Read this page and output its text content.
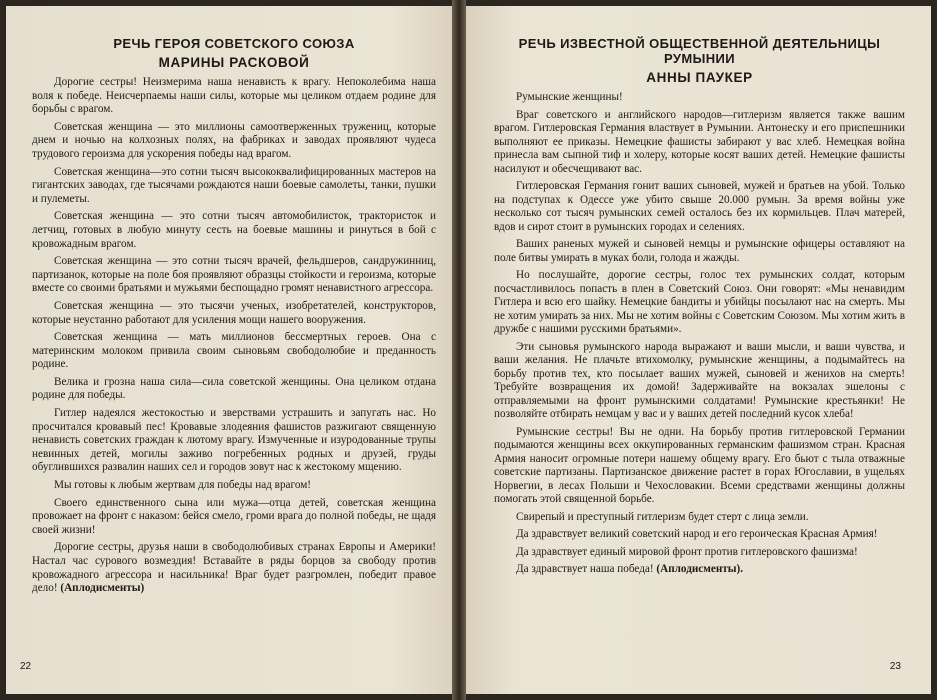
РЕЧЬ ГЕРОЯ СОВЕТСКОГО СОЮЗА
МАРИНЫ РАСКОВОЙ

Дорогие сестры! Неизмерима наша ненависть к врагу. Непоколебима наша воля к победе. Неисчерпаемы наши силы, которые мы целиком отдаем родине для борьбы с врагом.

Советская женщина — это миллионы самоотверженных тружениц, которые днем и ночью на колхозных полях, на фабриках и заводах проявляют чудеса трудового героизма для ускорения победы над врагом.

Советская женщина—это сотни тысяч высококвалифицированных мастеров на гигантских заводах, где тысячами рождаются наши боевые самолеты, танки, пушки и пулеметы.

Советская женщина — это сотни тысяч автомобилисток, трактористок и летчиц, готовых в любую минуту сесть на боевые машины и ринуться в бой с кровожадным врагом.

Советская женщина — это сотни тысяч врачей, фельдшеров, сандружинниц, партизанок, которые на поле боя проявляют образцы стойкости и героизма, которые вместе со своими братьями и мужьями беспощадно громят ненавистного агрессора.

Советская женщина — это тысячи ученых, изобретателей, конструкторов, которые неустанно работают для усиления мощи нашего вооружения.

Советская женщина — мать миллионов бессмертных героев. Она с материнским молоком привила своим сыновьям свободолюбие и преданность родине.

Велика и грозна наша сила—сила советской женщины. Она целиком отдана родине для победы.

Гитлер надеялся жестокостью и зверствами устрашить и запугать нас. Но просчитался кровавый пес! Кровавые злодеяния фашистов разжигают священную ненависть советских граждан к лютому врагу. Измученные и изуродованные трупы невинных детей, могилы заживо погребенных родных и друзей, груды обуглившихся развалин наших сел и городов зовут нас к жестокому мщению.

Мы готовы к любым жертвам для победы над врагом!

Своего единственного сына или мужа—отца детей, советская женщина провожает на фронт с наказом: бейся смело, громи врага до полной победы, не щадя своей жизни!

Дорогие сестры, друзья наши в свободолюбивых странах Европы и Америки! Настал час сурового возмездия! Вставайте в ряды борцов за свободу против кровожадного агрессора и насильника! Враг будет разгромлен, победит правое дело! (Аплодисменты)

22
РЕЧЬ ИЗВЕСТНОЙ ОБЩЕСТВЕННОЙ ДЕЯТЕЛЬНИЦЫ РУМЫНИИ
АННЫ ПАУКЕР

Румынские женщины!

Враг советского и английского народов—гитлеризм является также вашим врагом. Гитлеровская Германия властвует в Румынии. Антонеску и его приспешники выполняют ее приказы. Немецкие фашисты забирают у вас хлеб. Немецкая война принесла вам сыпной тиф и холеру, которые косят ваших детей. Немецкие фашисты насилуют и обесчещивают вас.

Гитлеровская Германия гонит ваших сыновей, мужей и братьев на убой. Только на подступах к Одессе уже убито свыше 20.000 румын. За время войны уже несколько сот тысяч румынских семей осталось без их кормильцев. Плач матерей, вдов и сирот стоит в румынских городах и селениях.

Ваших раненых мужей и сыновей немцы и румынские офицеры оставляют на поле битвы умирать в муках боли, голода и жажды.

Но послушайте, дорогие сестры, голос тех румынских солдат, которым посчастливилось попасть в плен в Советский Союз. Они говорят: «Мы ненавидим Гитлера и всю его шайку. Немецкие бандиты и убийцы посылают нас на смерть. Мы не хотим умирать за них. Мы не хотим войны с Советским Союзом. Мы хотим жить в дружбе с нашими русскими братьями».

Эти сыновья румынского народа выражают и ваши мысли, и ваши чувства, и ваши желания. Не плачьте втихомолку, румынские женщины, а подымайтесь на борьбу против тех, кто посылает ваших мужей, сыновей и женихов на смерть! Требуйте возвращения их домой! Задерживайте на вокзалах эшелоны с отправляемыми на фронт румынскими солдатами! Румынские крестьянки! Не позволяйте отбирать немцам у вас и у ваших детей последний кусок хлеба!

Румынские сестры! Вы не одни. На борьбу против гитлеровской Германии подымаются женщины всех оккупированных германским фашизмом стран. Красная Армия наносит огромные потери нашему общему врагу. Его бьют с тыла отважные советские партизаны. Партизанское движение растет в горах Югославии, в ущельях Норвегии, в лесах Польши и Чехословакии. Всеми средствами женщины должны помогать этой священной борьбе.

Свирепый и преступный гитлеризм будет стерт с лица земли.

Да здравствует великий советский народ и его героическая Красная Армия!

Да здравствует единый мировой фронт против гитлеровского фашизма!

Да здравствует наша победа! (Аплодисменты).

23
